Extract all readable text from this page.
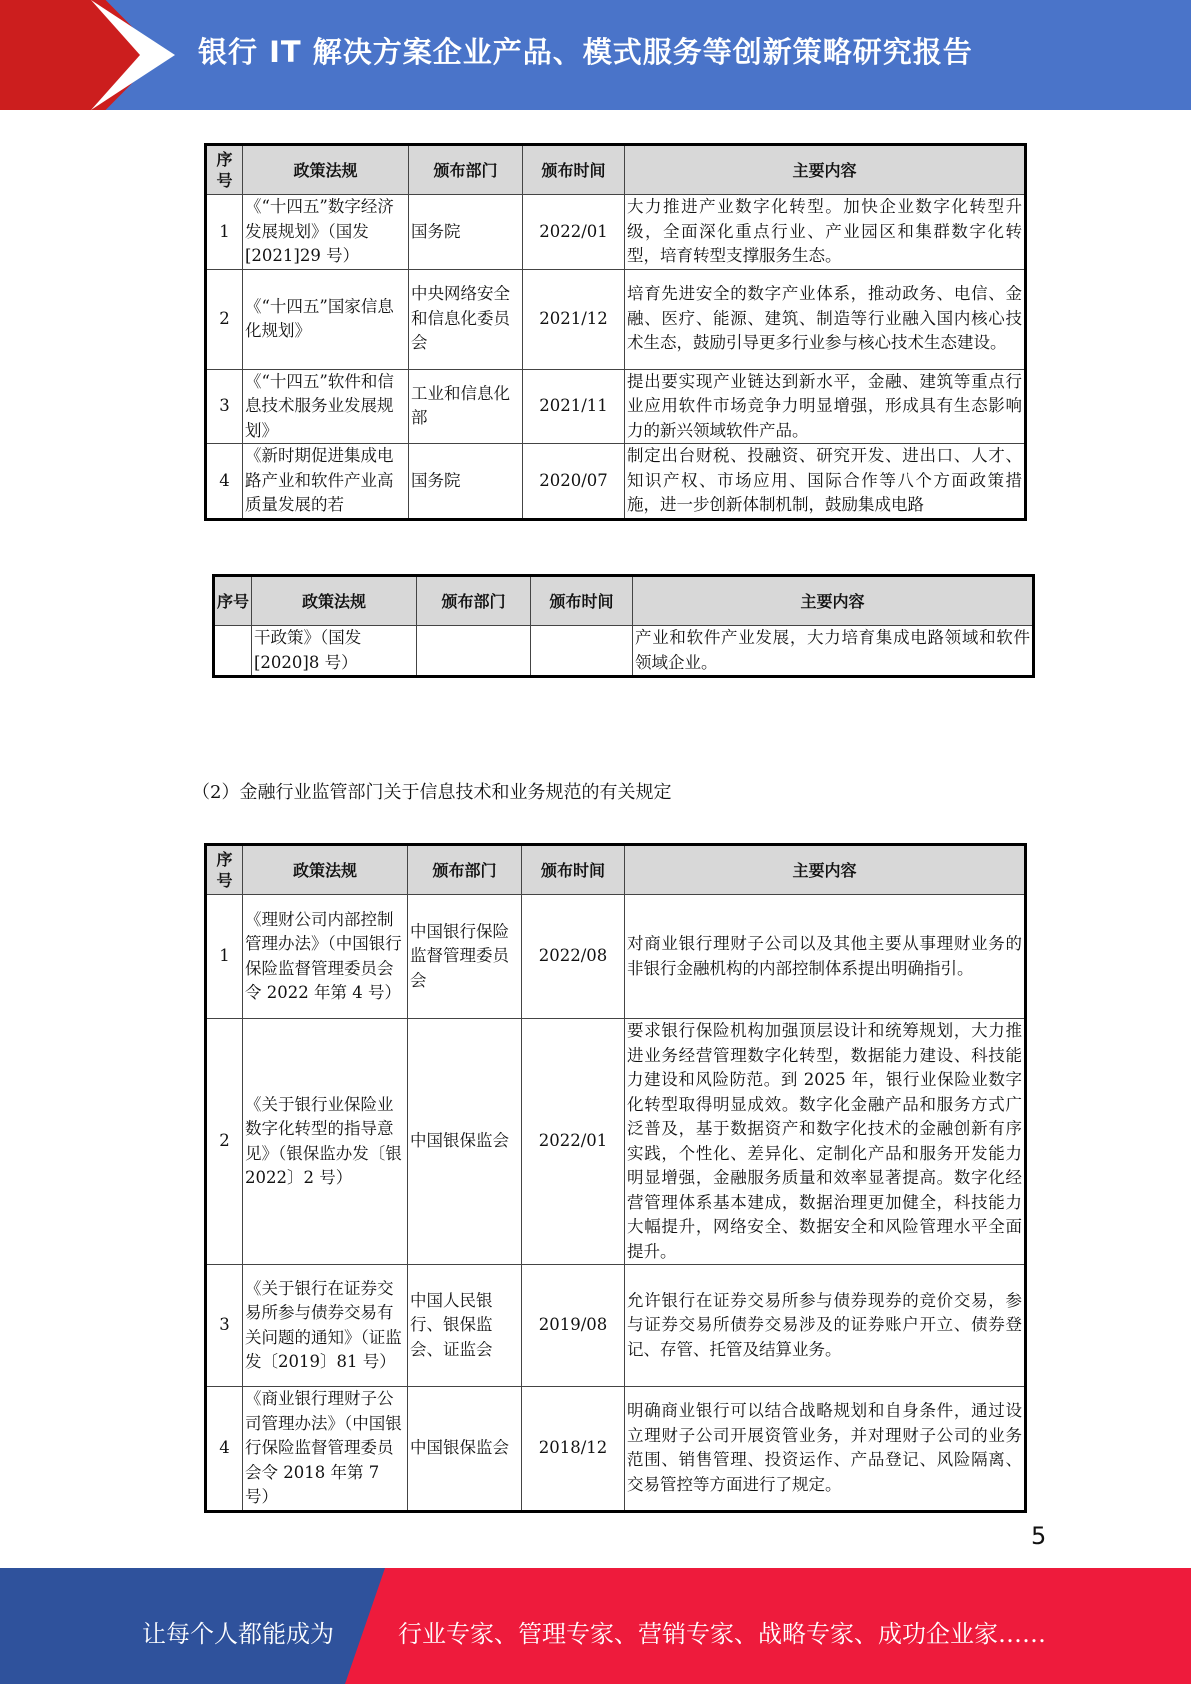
银行 IT 解决方案企业产品、模式服务等创新策略研究报告
序号	政策法规	颁布部门	颁布时间	主要内容
1	《“十四五”数字经济发展规划》（国发[2021]29 号）	国务院	2022/01	大力推进产业数字化转型。加快企业数字化转型升级，全面深化重点行业、产业园区和集群数字化转型，培育转型支撑服务生态。
2	《“十四五”国家信息化规划》	中央网络安全和信息化委员会	2021/12	培育先进安全的数字产业体系，推动政务、电信、金融、医疗、能源、建筑、制造等行业融入国内核心技术生态，鼓励引导更多行业参与核心技术生态建设。
3	《“十四五”软件和信息技术服务业发展规划》	工业和信息化部	2021/11	提出要实现产业链达到新水平，金融、建筑等重点行业应用软件市场竞争力明显增强，形成具有生态影响力的新兴领域软件产品。
4	《新时期促进集成电路产业和软件产业高质量发展的若	国务院	2020/07	制定出台财税、投融资、研究开发、进出口、人才、知识产权、市场应用、国际合作等八个方面政策措施，进一步创新体制机制，鼓励集成电路
序号	政策法规	颁布部门	颁布时间	主要内容
	干政策》（国发[2020]8 号）			产业和软件产业发展，大力培育集成电路领域和软件领域企业。
（2）金融行业监管部门关于信息技术和业务规范的有关规定
序号	政策法规	颁布部门	颁布时间	主要内容
1	《理财公司内部控制管理办法》（中国银行保险监督管理委员会令 2022 年第 4 号）	中国银行保险监督管理委员会	2022/08	对商业银行理财子公司以及其他主要从事理财业务的非银行金融机构的内部控制体系提出明确指引。
2	《关于银行业保险业数字化转型的指导意见》（银保监办发〔银 2022〕2 号）	中国银保监会	2022/01	要求银行保险机构加强顶层设计和统筹规划，大力推进业务经营管理数字化转型，数据能力建设、科技能力建设和风险防范。到 2025 年，银行业保险业数字化转型取得明显成效。数字化金融产品和服务方式广泛普及，基于数据资产和数字化技术的金融创新有序实践，个性化、差异化、定制化产品和服务开发能力明显增强，金融服务质量和效率显著提高。数字化经营管理体系基本建成，数据治理更加健全，科技能力大幅提升，网络安全、数据安全和风险管理水平全面提升。
3	《关于银行在证券交易所参与债券交易有关问题的通知》（证监发〔2019〕81 号）	中国人民银行、银保监会、证监会	2019/08	允许银行在证券交易所参与债券现券的竞价交易，参与证券交易所债券交易涉及的证券账户开立、债券登记、存管、托管及结算业务。
4	《商业银行理财子公司管理办法》（中国银行保险监督管理委员会令 2018 年第 7 号）	中国银保监会	2018/12	明确商业银行可以结合战略规划和自身条件，通过设立理财子公司开展资管业务，并对理财子公司的业务范围、销售管理、投资运作、产品登记、风险隔离、交易管控等方面进行了规定。
5
让每个人都能成为	行业专家、管理专家、营销专家、战略专家、成功企业家……
